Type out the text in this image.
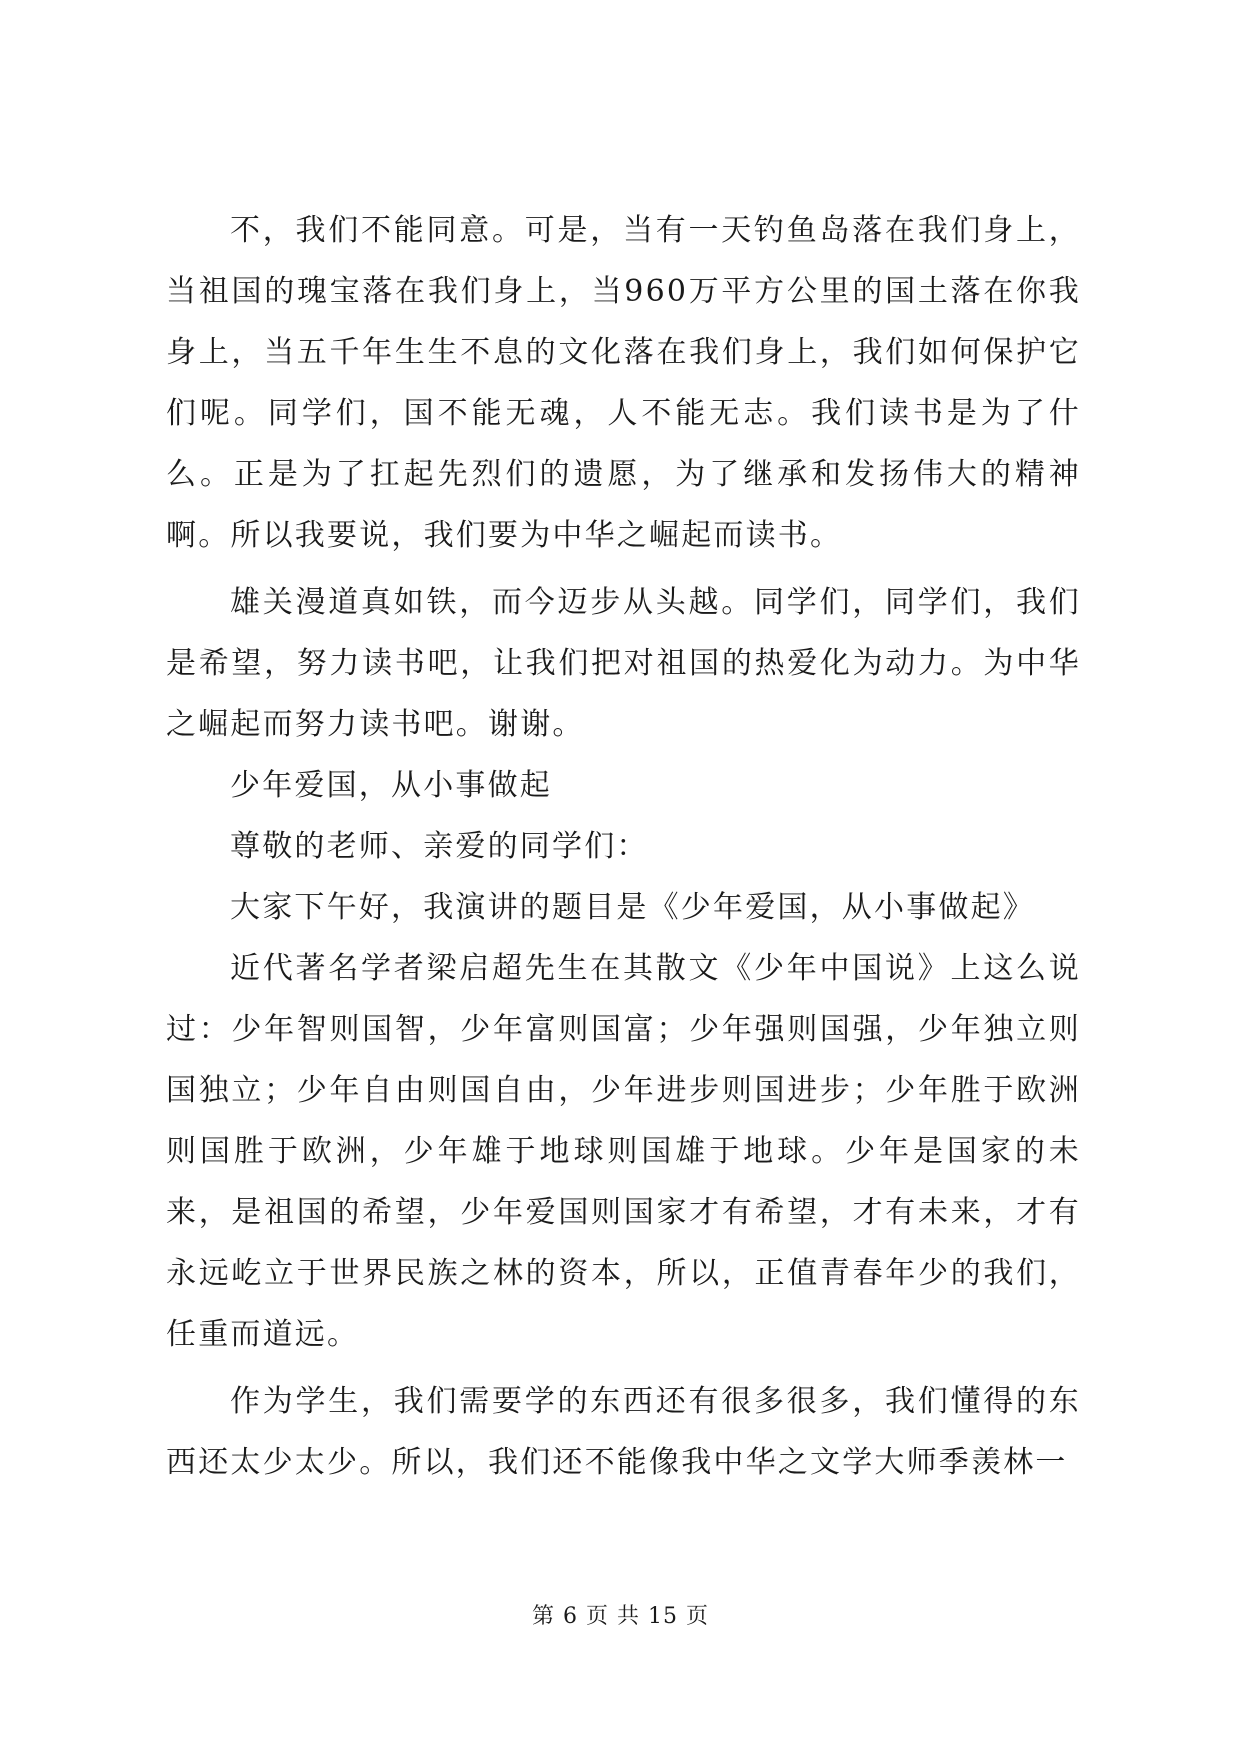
不，我们不能同意。可是，当有一天钓鱼岛落在我们身上，当祖国的瑰宝落在我们身上，当960万平方公里的国土落在你我身上，当五千年生生不息的文化落在我们身上，我们如何保护它们呢。同学们，国不能无魂，人不能无志。我们读书是为了什么。正是为了扛起先烈们的遗愿，为了继承和发扬伟大的精神啊。所以我要说，我们要为中华之崛起而读书。

雄关漫道真如铁，而今迈步从头越。同学们，同学们，我们是希望，努力读书吧，让我们把对祖国的热爱化为动力。为中华之崛起而努力读书吧。谢谢。

少年爱国，从小事做起

尊敬的老师、亲爱的同学们：

大家下午好，我演讲的题目是《少年爱国，从小事做起》

近代著名学者梁启超先生在其散文《少年中国说》上这么说过：少年智则国智，少年富则国富；少年强则国强，少年独立则国独立；少年自由则国自由，少年进步则国进步；少年胜于欧洲则国胜于欧洲，少年雄于地球则国雄于地球。少年是国家的未来，是祖国的希望，少年爱国则国家才有希望，才有未来，才有永远屹立于世界民族之林的资本，所以，正值青春年少的我们，任重而道远。

作为学生，我们需要学的东西还有很多很多，我们懂得的东西还太少太少。所以，我们还不能像我中华之文学大师季羡林一

第 6 页 共 15 页
